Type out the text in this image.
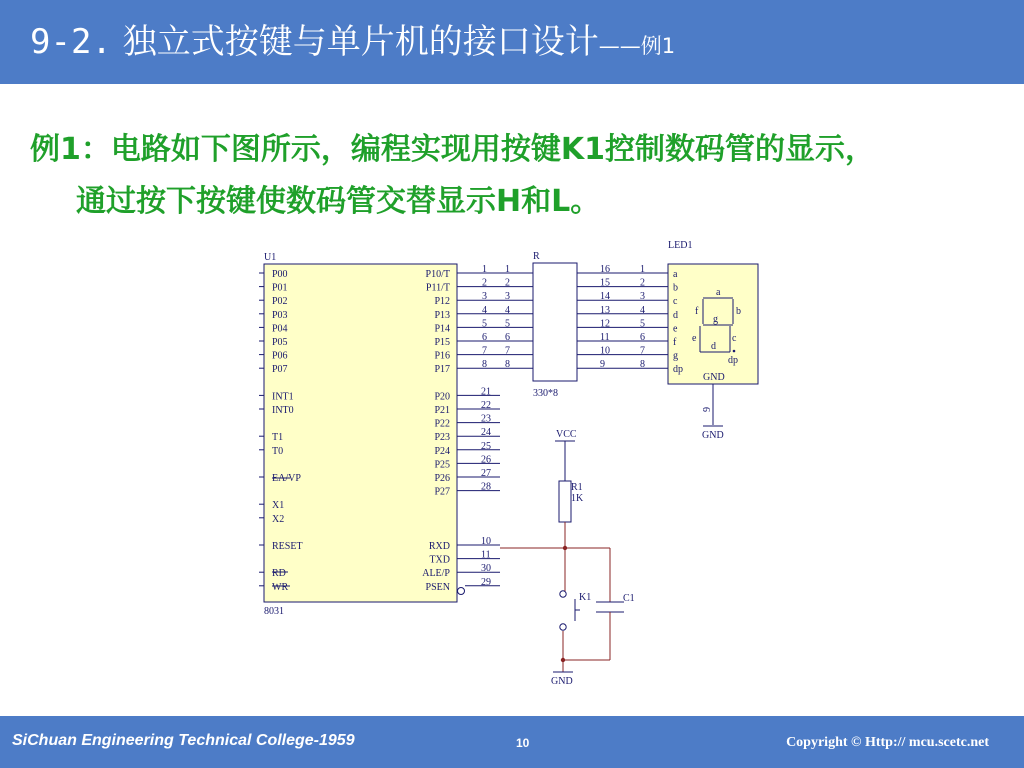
9-2. 独立式按键与单片机的接口设计——例1
例1：电路如下图所示，编程实现用按键K1控制数码管的显示，
通过按下按键使数码管交替显示H和L。
U1
8031
P00
P01
P02
P03
P04
P05
P06
P07
INT1
INT0
T1
T0
EA/VP
X1
X2
RESET
RD
WR
P10/T
P11/T
P12
P13
P14
P15
P16
P17
P20
P21
P22
P23
P24
P25
P26
P27
RXD
TXD
ALE/P
PSEN
1 1	16	1
2 2	15	2
3 3	14	3
4 4	13	4
5 5	12	5
6 6	11	6
7 7	10	7
8 8	9	8
R
330*8
LED1
a
b
c
d
e
f
g
dp
a
b
c
d
e
f
g
dp
GND
9
GND
21
22
23
24
25
26
27
28
10
11
30
29
VCC
R1
1K
C1
K1
GND
SiChuan Engineering Technical College-1959	10	Copyright © Http:// mcu.scetc.net
